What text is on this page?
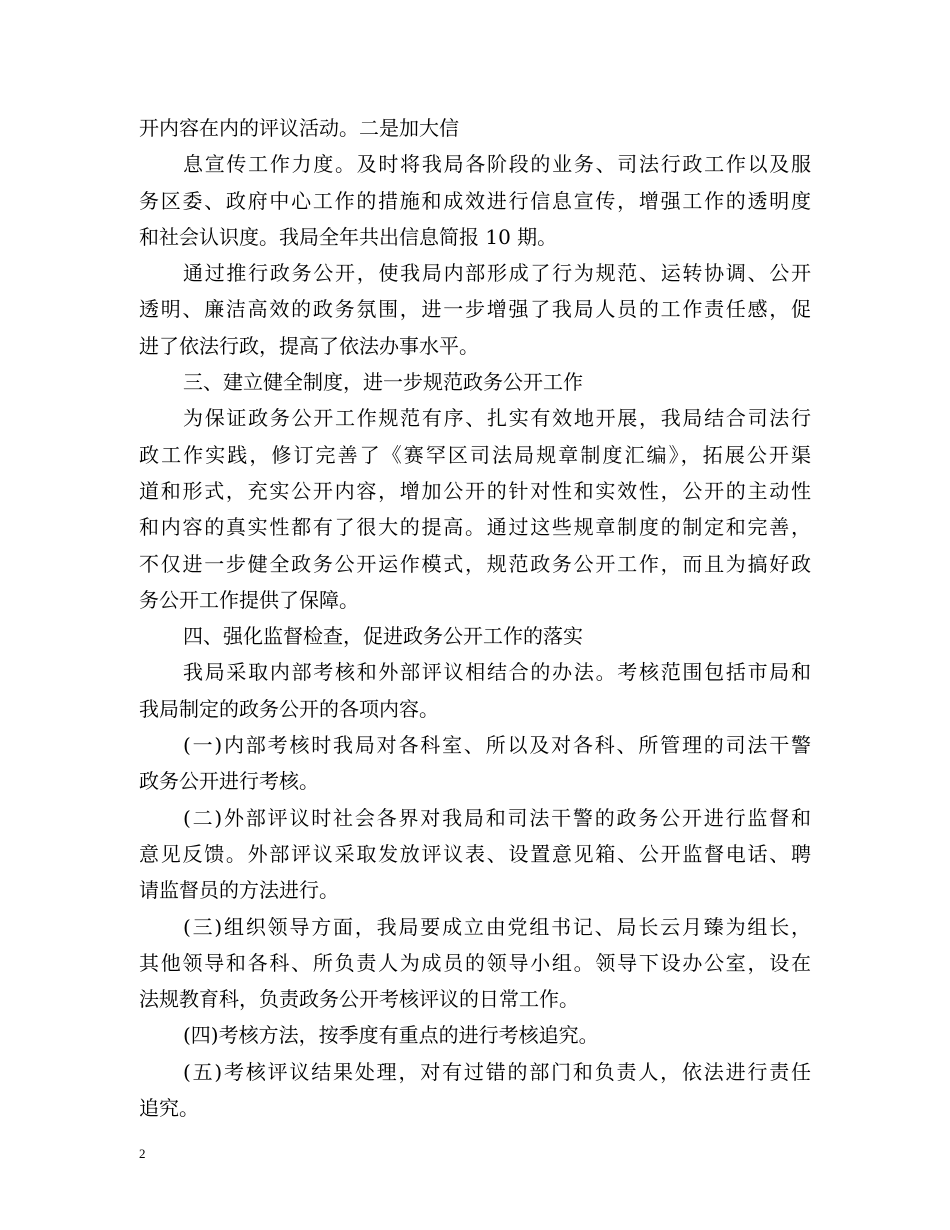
开内容在内的评议活动。二是加大信
息宣传工作力度。及时将我局各阶段的业务、司法行政工作以及服
务区委、政府中心工作的措施和成效进行信息宣传，增强工作的透明度
和社会认识度。我局全年共出信息简报 10 期。
通过推行政务公开，使我局内部形成了行为规范、运转协调、公开
透明、廉洁高效的政务氛围，进一步增强了我局人员的工作责任感，促
进了依法行政，提高了依法办事水平。
三、建立健全制度，进一步规范政务公开工作
为保证政务公开工作规范有序、扎实有效地开展，我局结合司法行
政工作实践，修订完善了《赛罕区司法局规章制度汇编》，拓展公开渠
道和形式，充实公开内容，增加公开的针对性和实效性，公开的主动性
和内容的真实性都有了很大的提高。通过这些规章制度的制定和完善，
不仅进一步健全政务公开运作模式，规范政务公开工作，而且为搞好政
务公开工作提供了保障。
四、强化监督检查，促进政务公开工作的落实
我局采取内部考核和外部评议相结合的办法。考核范围包括市局和
我局制定的政务公开的各项内容。
(一)内部考核时我局对各科室、所以及对各科、所管理的司法干警
政务公开进行考核。
(二)外部评议时社会各界对我局和司法干警的政务公开进行监督和
意见反馈。外部评议采取发放评议表、设置意见箱、公开监督电话、聘
请监督员的方法进行。
(三)组织领导方面，我局要成立由党组书记、局长云月臻为组长，
其他领导和各科、所负责人为成员的领导小组。领导下设办公室，设在
法规教育科，负责政务公开考核评议的日常工作。
(四)考核方法，按季度有重点的进行考核追究。
(五)考核评议结果处理，对有过错的部门和负责人，依法进行责任
追究。
2
